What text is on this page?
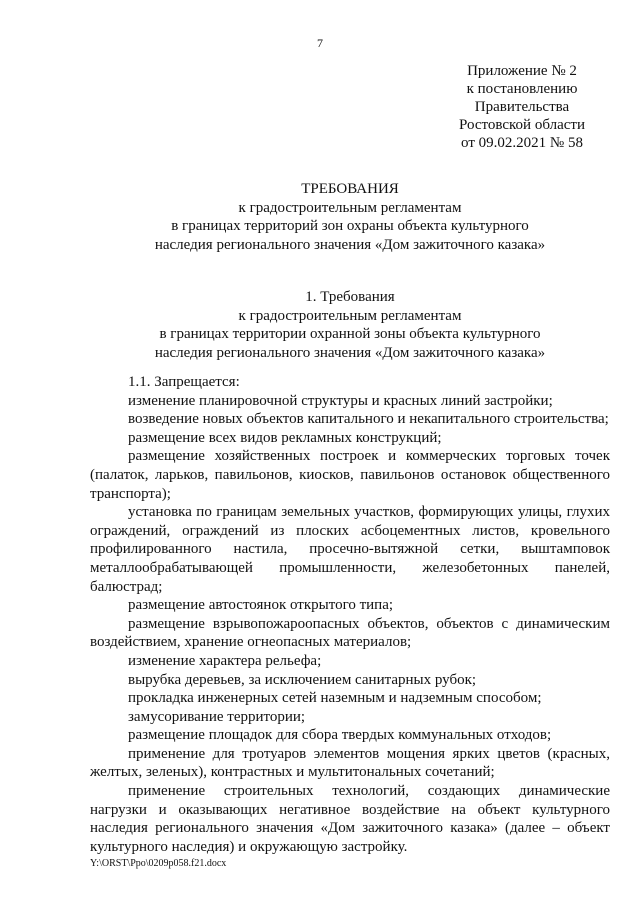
7
Приложение № 2
к постановлению
Правительства
Ростовской области
от 09.02.2021 № 58
ТРЕБОВАНИЯ
к градостроительным регламентам
в границах территорий зон охраны объекта культурного
наследия регионального значения «Дом зажиточного казака»
1. Требования
к градостроительным регламентам
в границах территории охранной зоны объекта культурного
наследия регионального значения «Дом зажиточного казака»

1.1. Запрещается:

изменение планировочной структуры и красных линий застройки;

возведение новых объектов капитального и некапитального строительства;

размещение всех видов рекламных конструкций;

размещение хозяйственных построек и коммерческих торговых точек (палаток, ларьков, павильонов, киосков, павильонов остановок общественного транспорта);

установка по границам земельных участков, формирующих улицы, глухих ограждений, ограждений из плоских асбоцементных листов, кровельного профилированного настила, просечно-вытяжной сетки, выштамповок металлообрабатывающей промышленности, железобетонных панелей, балюстрад;

размещение автостоянок открытого типа;

размещение взрывопожароопасных объектов, объектов с динамическим воздействием, хранение огнеопасных материалов;

изменение характера рельефа;

вырубка деревьев, за исключением санитарных рубок;

прокладка инженерных сетей наземным и надземным способом;

замусоривание территории;

размещение площадок для сбора твердых коммунальных отходов;

применение для тротуаров элементов мощения ярких цветов (красных, желтых, зеленых), контрастных и мультитональных сочетаний;

применение строительных технологий, создающих динамические нагрузки и оказывающих негативное воздействие на объект культурного наследия регионального значения «Дом зажиточного казака» (далее – объект культурного наследия) и окружающую застройку.

Y:\ORST\Ppo\0209p058.f21.docx
